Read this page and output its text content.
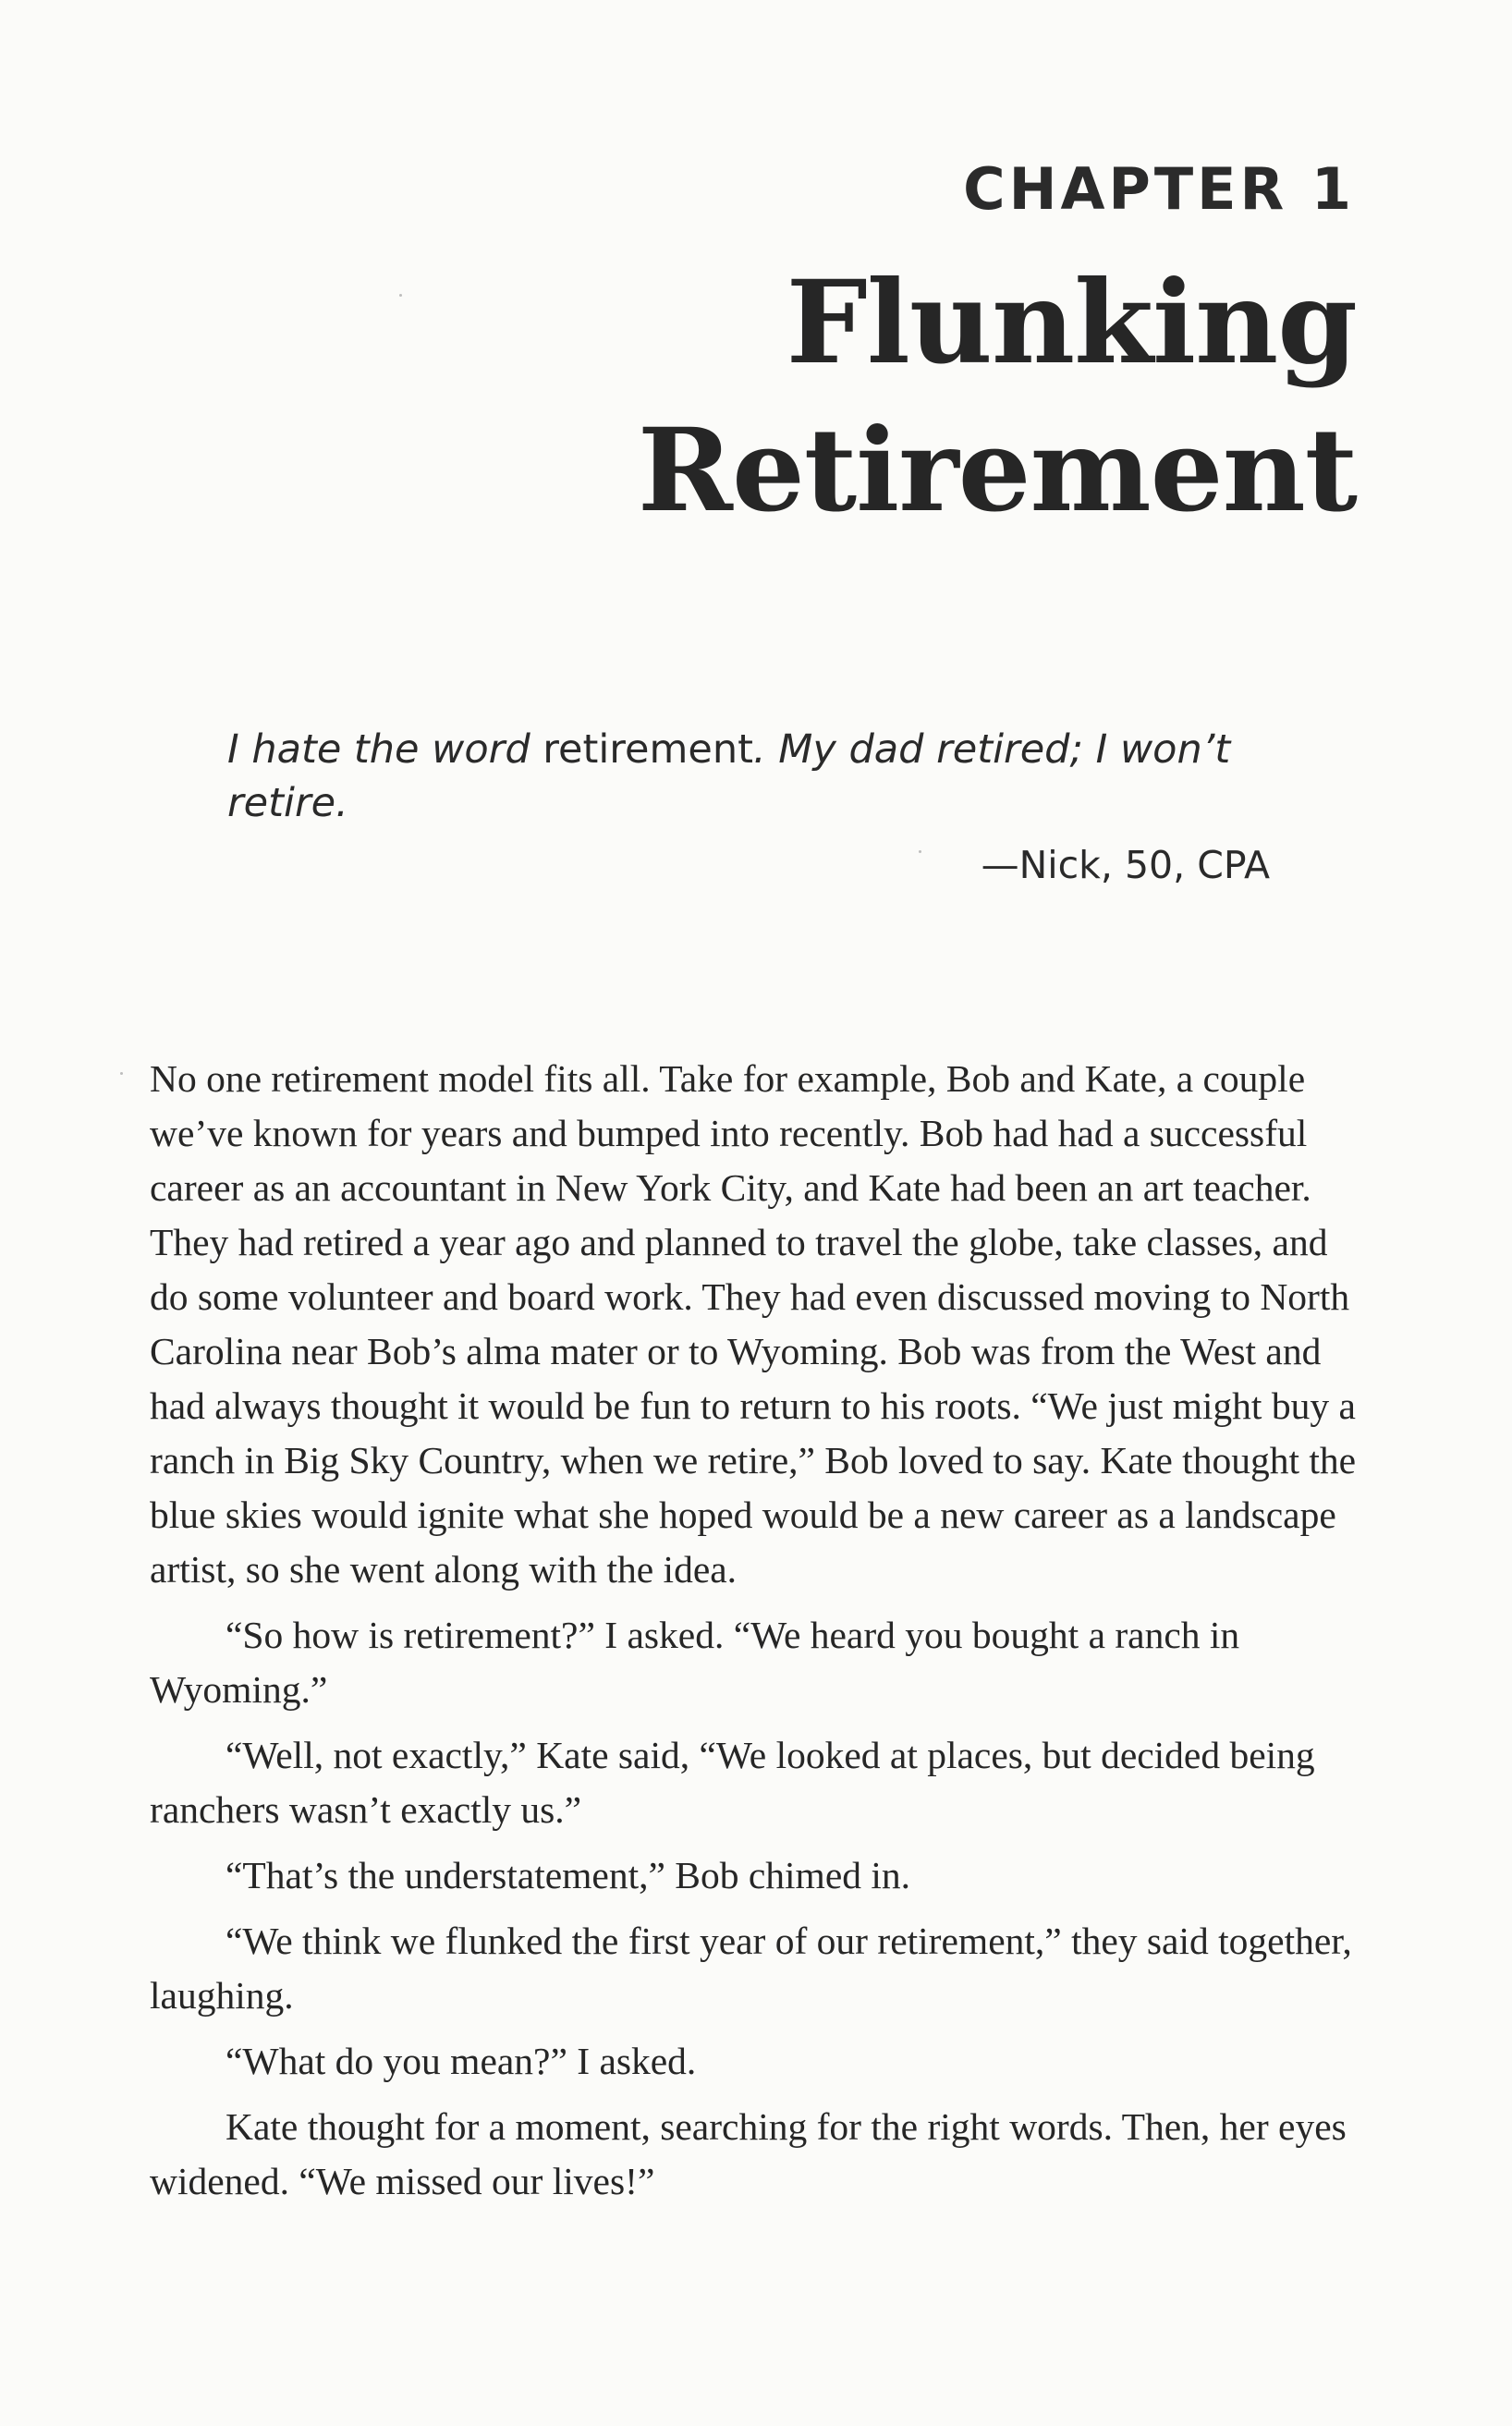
CHAPTER 1
Flunking
Retirement

I hate the word retirement. My dad retired; I won’t retire.

—Nick, 50, CPA

No one retirement model fits all. Take for example, Bob and Kate, a couple we’ve known for years and bumped into recently. Bob had had a successful career as an accountant in New York City, and Kate had been an art teacher. They had retired a year ago and planned to travel the globe, take classes, and do some volunteer and board work. They had even discussed moving to North Carolina near Bob’s alma mater or to Wyoming. Bob was from the West and had always thought it would be fun to return to his roots. “We just might buy a ranch in Big Sky Country, when we retire,” Bob loved to say. Kate thought the blue skies would ignite what she hoped would be a new career as a landscape artist, so she went along with the idea.

“So how is retirement?” I asked. “We heard you bought a ranch in Wyoming.”

“Well, not exactly,” Kate said, “We looked at places, but decided being ranchers wasn’t exactly us.”

“That’s the understatement,” Bob chimed in.

“We think we flunked the first year of our retirement,” they said together, laughing.

“What do you mean?” I asked.

Kate thought for a moment, searching for the right words. Then, her eyes widened. “We missed our lives!”
